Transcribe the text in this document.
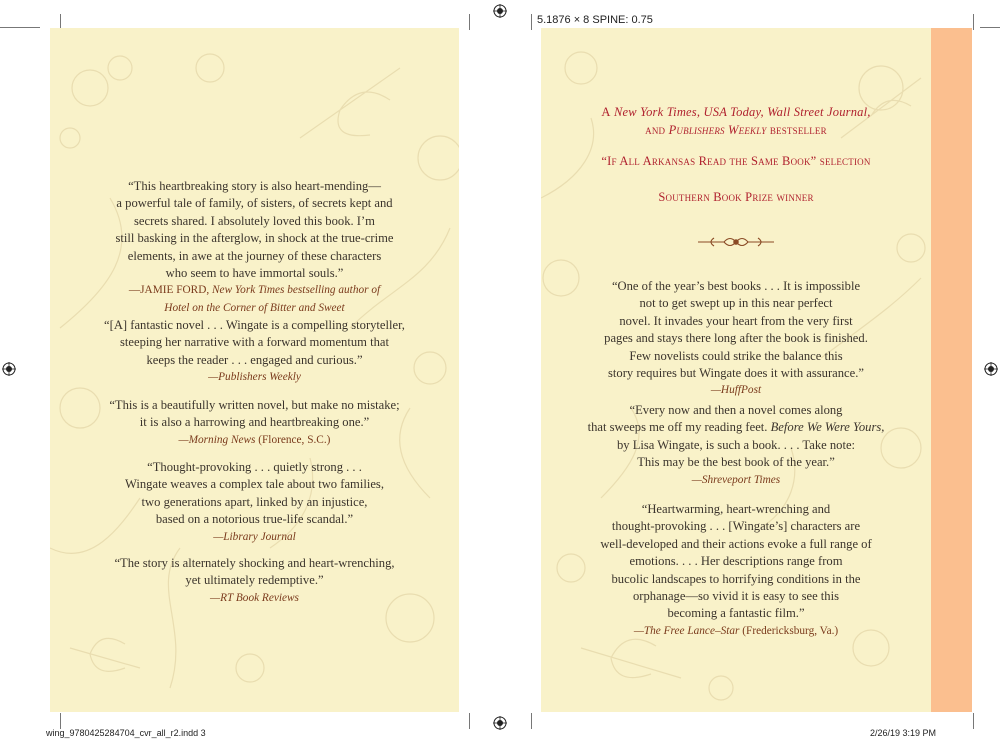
5.1876 × 8 SPINE: 0.75

“This heartbreaking story is also heart-mending—

a powerful tale of family, of sisters, of secrets kept and

secrets shared. I absolutely loved this book. I’m

still basking in the afterglow, in shock at the true-crime

elements, in awe at the journey of these characters

who seem to have immortal souls.”

—JAMIE FORD, New York Times bestselling author of

Hotel on the Corner of Bitter and Sweet

“[A] fantastic novel . . . Wingate is a compelling storyteller,

steeping her narrative with a forward momentum that

keeps the reader . . . engaged and curious.”

—Publishers Weekly

“This is a beautifully written novel, but make no mistake;

it is also a harrowing and heartbreaking one.”

—Morning News (Florence, S.C.)

“Thought-provoking . . . quietly strong . . .

Wingate weaves a complex tale about two families,

two generations apart, linked by an injustice,

based on a notorious true-life scandal.”

—Library Journal

“The story is alternately shocking and heart-wrenching,

yet ultimately redemptive.”

—RT Book Reviews

A New York Times, USA Today, Wall Street Journal,
and Publishers Weekly bestseller
“If All Arkansas Read the Same Book” selection
Southern Book Prize winner

“One of the year’s best books . . . It is impossible

not to get swept up in this near perfect

novel. It invades your heart from the very first

pages and stays there long after the book is finished.

Few novelists could strike the balance this

story requires but Wingate does it with assurance.”

—HuffPost

“Every now and then a novel comes along

that sweeps me off my reading feet. Before We Were Yours,

by Lisa Wingate, is such a book. . . . Take note:

This may be the best book of the year.”

—Shreveport Times

“Heartwarming, heart-wrenching and

thought-provoking . . . [Wingate’s] characters are

well-developed and their actions evoke a full range of

emotions. . . . Her descriptions range from

bucolic landscapes to horrifying conditions in the

orphanage—so vivid it is easy to see this

becoming a fantastic film.”

—The Free Lance–Star (Fredericksburg, Va.)

wing_9780425284704_cvr_all_r2.indd 3	2/26/19 3:19 PM
